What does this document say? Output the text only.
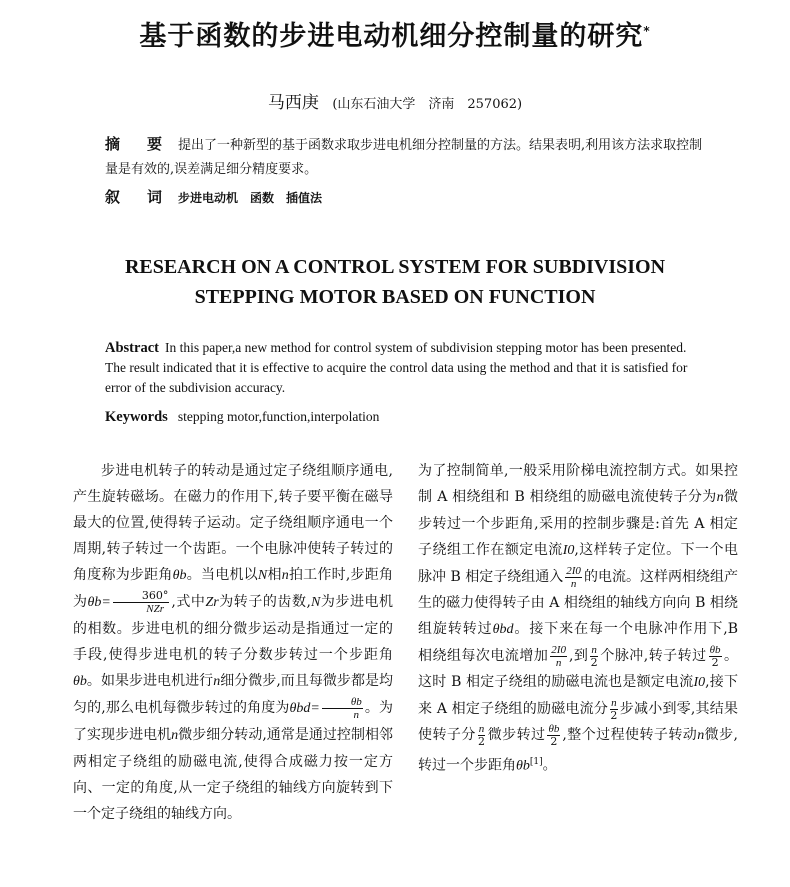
基于函数的步进电动机细分控制量的研究*
马西庚 (山东石油大学　济南　257062)
摘　要 提出了一种新型的基于函数求取步进电机细分控制量的方法。结果表明,利用该方法求取控制量是有效的,误差满足细分精度要求。
叙　词 步进电动机　函数　插值法
RESEARCH ON A CONTROL SYSTEM FOR SUBDIVISION
STEPPING MOTOR BASED ON FUNCTION
Abstract In this paper,a new method for control system of subdivision stepping motor has been presented. The result indicated that it is effective to acquire the control data using the method and that it is satisfied for error of the subdivision accuracy.
Keywords stepping motor,function,interpolation

步进电机转子的转动是通过定子绕组顺序通电,产生旋转磁场。在磁力的作用下,转子要平衡在磁导最大的位置,使得转子运动。定子绕组顺序通电一个周期,转子转过一个齿距。一个电脉冲使转子转过的角度称为步距角θb。当电机以N相n拍工作时,步距角为$\theta b= \frac{360^\circ}{\text{NZr}}$ ,式中Zr为转子的齿数,N为步进电机的相数。步进电机的细分微步运动是指通过一定的手段,使得步进电机的转子分数步转过一个步距角θb。如果步进电机进行n细分微步,而且每微步都是均匀的,那么电机每微步转过的角度为$\theta bd= \frac{\theta b}{n}$ 。为了实现步进电机n微步细分转动,通常是通过控制相邻两相定子绕组的励磁电流,使得合成磁力按一定方向、一定的角度,从一定子绕组的轴线方向旋转到下一个定子绕组的轴线方向。

为了控制简单,一般采用阶梯电流控制方式。如果控制 A 相绕组和 B 相绕组的励磁电流使转子分为n微步转过一个步距角,采用的控制步骤是:首先 A 相定子绕组工作在额定电流I0,这样转子定位。下一个电脉冲 B 相定子绕组通入 $\frac{2I0}{n}$ 的电流。这样两相绕组产生的磁力使得转子由 A 相绕组的轴线方向向 B 相绕组旋转转过θbd。接下来在每一个电脉冲作用下,B 相绕组每次电流增加 $\frac{2I0}{n}$ ,到 $\frac{n}{2}$ 个脉冲,转子转过 $\frac{\theta b}{2}$ 。这时 B 相定子绕组的励磁电流也是额定电流I0,接下来 A 相定子绕组的励磁电流分 $\frac{n}{2}$ 步减小到零,其结果使转子分 $\frac{n}{2}$ 微步转过 $\frac{\theta b}{2}$ ,整个过程使转子转动n微步,转过一个步距角θb[1]。
